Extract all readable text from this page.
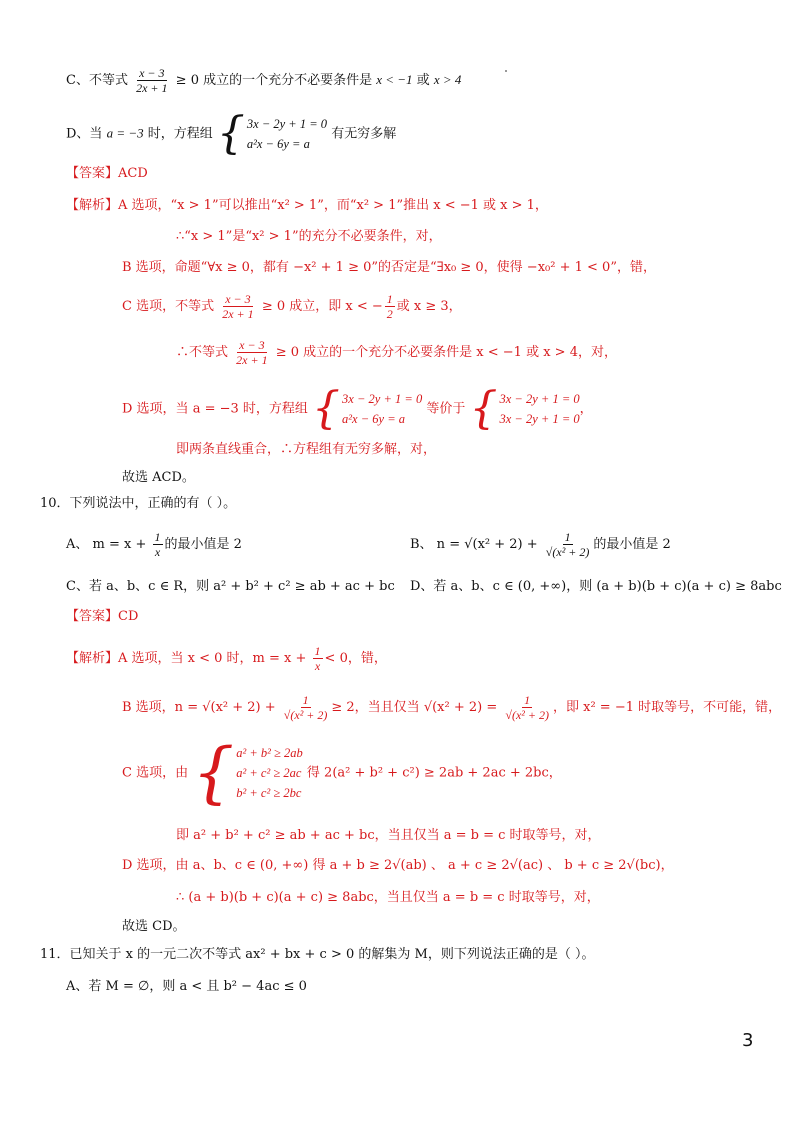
C、不等式 $\frac{x - 3}{2x + 1} \ge 0$ 成立的一个充分不必要条件是 x < −1 或 x > 4
D、当 a = −3 时，方程组 { 3x − 2y + 1 = 0
a²x − 6y = a
有无穷多解
【答案】ACD
【解析】A 选项，“x > 1”可以推出“x² > 1”，而“x² > 1”推出 x < −1 或 x > 1，
∴“x > 1”是“x² > 1”的充分不必要条件，对，
B 选项，命题“∀x ≥ 0，都有 −x² + 1 ≥ 0”的否定是“∃x₀ ≥ 0，使得 −x₀² + 1 < 0”，错，
C 选项，不等式 $\frac{x - 3}{2x + 1} \ge 0$ 成立，即 x < − $\frac{1}{2}$ 或 x ≥ 3，
∴不等式 $\frac{x - 3}{2x + 1} \ge 0$ 成立的一个充分不必要条件是 x < −1 或 x > 4，对，
D 选项，当 a = −3 时，方程组 { 3x − 2y + 1 = 0
a²x − 6y = a
等价于 { 3x − 2y + 1 = 0
3x − 2y + 1 = 0
，
即两条直线重合，∴方程组有无穷多解，对，
故选 ACD。
10．下列说法中，正确的有（ ）。
A、 $m = x + \frac{1}{x}$ 的最小值是 2	B、 $n = √(x^2 + 2) + \frac{1}{\text{√(x² + 2)}}$ 的最小值是 2
C、若 a、b、c ∈ R，则 a² + b² + c² ≥ ab + ac + bc D、若 a、b、c ∈ (0, +∞)，则 (a + b)(b + c)(a + c) ≥ 8abc
【答案】CD
【解析】A 选项，当 x < 0 时，$m = x + \frac{1}{x} < 0$，错，
B 选项，$n = √(x^2 + 2) + \frac{1}{\text{√(x² + 2)}} \ge 2$，当且仅当 $√(x^2 + 2) = \frac{1}{\text{√(x² + 2)}}$ ，即 x² = −1 时取等号，不可能，错，
C 选项，由 { a² + b² ≥ 2ab
a² + c² ≥ 2ac
b² + c² ≥ 2bc
得 2(a² + b² + c²) ≥ 2ab + 2ac + 2bc，
即 a² + b² + c² ≥ ab + ac + bc，当且仅当 a = b = c 时取等号，对，
D 选项，由 a、b、c ∈ (0, +∞) 得 a + b ≥ 2√(ab) 、 a + c ≥ 2√(ac) 、 b + c ≥ 2√(bc)，
∴ (a + b)(b + c)(a + c) ≥ 8abc，当且仅当 a = b = c 时取等号，对，
故选 CD。
11．已知关于 x 的一元二次不等式 ax² + bx + c > 0 的解集为 M，则下列说法正确的是（ ）。
A、若 M = ∅，则 a < 且 b² − 4ac ≤ 0
3
